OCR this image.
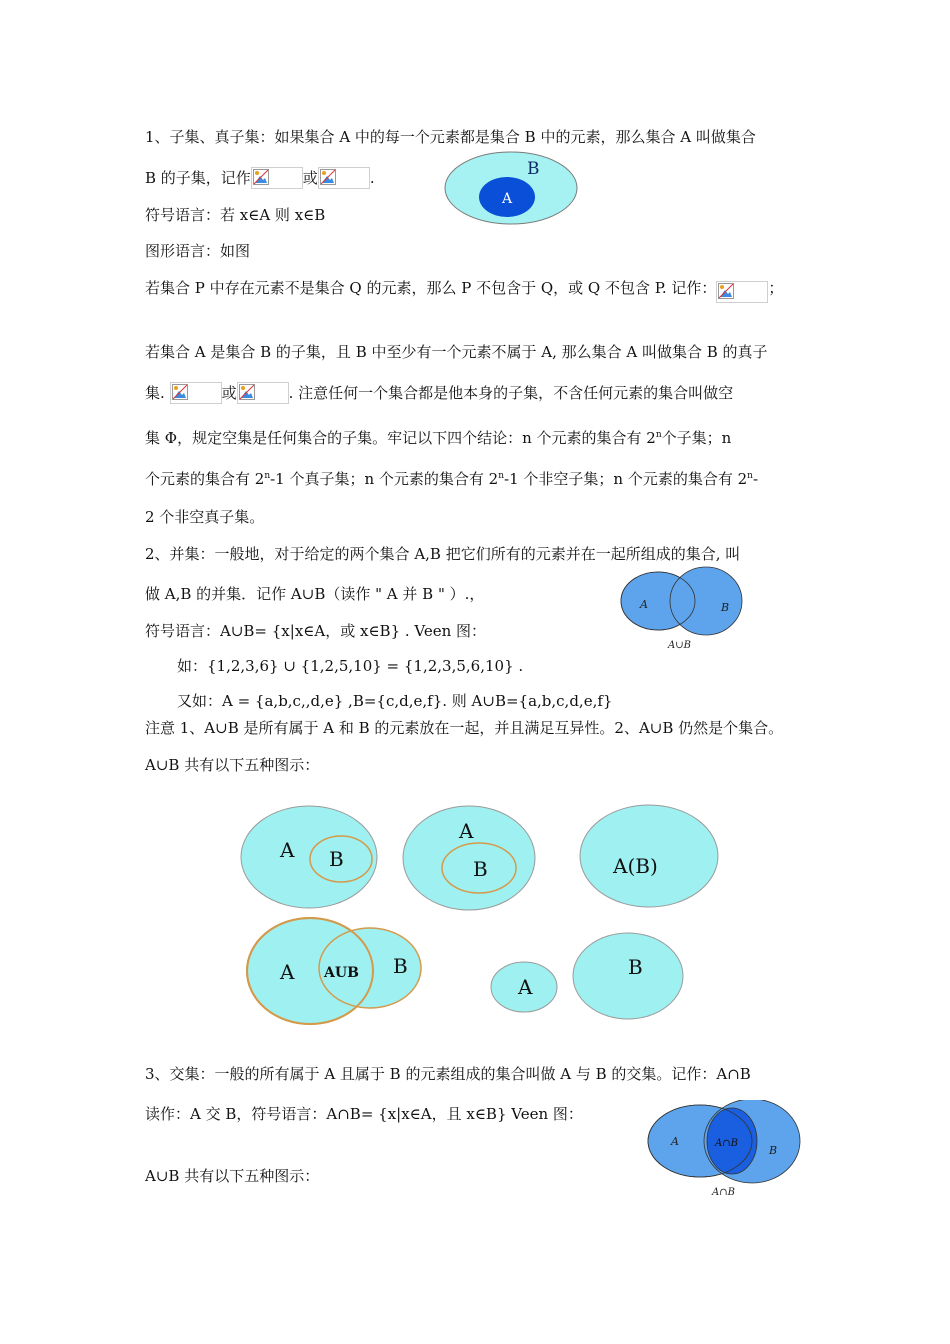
1、子集、真子集：如果集合 A 中的每一个元素都是集合 B 中的元素，那么集合 A 叫做集合
B 的子集，记作	或	.
符号语言：若 x∈A 则 x∈B
图形语言：如图
若集合 P 中存在元素不是集合 Q 的元素，那么 P 不包含于 Q，或 Q 不包含 P. 记作：	；
若集合 A 是集合 B 的子集，且 B 中至少有一个元素不属于 A, 那么集合 A 叫做集合 B 的真子
集.	或	. 注意任何一个集合都是他本身的子集，不含任何元素的集合叫做空
集 Φ，规定空集是任何集合的子集。牢记以下四个结论：n 个元素的集合有 2$^n$个子集；n
个元素的集合有 2$^n$-1 个真子集；n 个元素的集合有 2$^n$-1 个非空子集；n 个元素的集合有 2$^n$-
2 个非空真子集。
B
A
2、并集：一般地，对于给定的两个集合 A,B 把它们所有的元素并在一起所组成的集合, 叫
做 A,B 的并集．记作 A∪B（读作 " A 并 B " ）.，
符号语言：A∪B= {x|x∈A，或 x∈B} . Veen 图：
如：{1,2,3,6} ∪ {1,2,5,10} = {1,2,3,5,6,10} .
又如：A = {a,b,c,,d,e} ,B={c,d,e,f}. 则 A∪B={a,b,c,d,e,f}
注意 1、A∪B 是所有属于 A 和 B 的元素放在一起，并且满足互异性。2、A∪B 仍然是个集合。
A∪B 共有以下五种图示：
A	B
A∪B
A B
A
B	A(B)
A AUB B
A
B
3、交集：一般的所有属于 A 且属于 B 的元素组成的集合叫做 A 与 B 的交集。记作：A∩B
读作：A 交 B，符号语言：A∩B= {x|x∈A，且 x∈B} Veen 图：
A∪B 共有以下五种图示：
A	A∩B
B
A∩B
